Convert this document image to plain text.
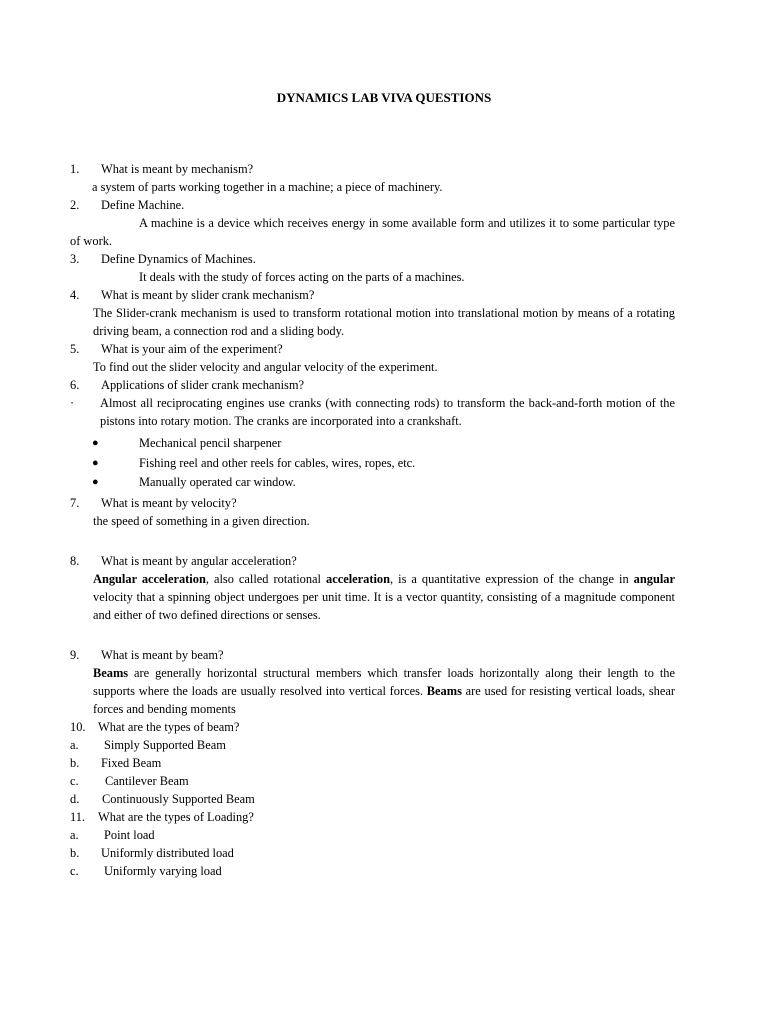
DYNAMICS LAB VIVA QUESTIONS
1. What is meant by mechanism?
a system of parts working together in a machine; a piece of machinery.
2. Define Machine.
A machine is a device which receives energy in some available form and utilizes it to some particular type of work.
3. Define Dynamics of Machines.
It deals with the study of forces acting on the parts of a machines.
4. What is meant by slider crank mechanism?
The Slider-crank mechanism is used to transform rotational motion into translational motion by means of a rotating driving beam, a connection rod and a sliding body.
5. What is your aim of the experiment?
To find out the slider velocity and angular velocity of the experiment.
6. Applications of slider crank mechanism?
·	Almost all reciprocating engines use cranks (with connecting rods) to transform the back-and-forth motion of the pistons into rotary motion. The cranks are incorporated into a crankshaft.
●	Mechanical pencil sharpener
●	Fishing reel and other reels for cables, wires, ropes, etc.
●	Manually operated car window.
7. What is meant by velocity?
the speed of something in a given direction.
8. What is meant by angular acceleration?
Angular acceleration, also called rotational acceleration, is a quantitative expression of the change in angular velocity that a spinning object undergoes per unit time. It is a vector quantity, consisting of a magnitude component and either of two defined directions or senses.
9. What is meant by beam?
Beams are generally horizontal structural members which transfer loads horizontally along their length to the supports where the loads are usually resolved into vertical forces. Beams are used for resisting vertical loads, shear forces and bending moments
10. What are the types of beam?
a. Simply Supported Beam
b. Fixed Beam
c. Cantilever Beam
d. Continuously Supported Beam
11. What are the types of Loading?
a. Point load
b. Uniformly distributed load
c. Uniformly varying load
